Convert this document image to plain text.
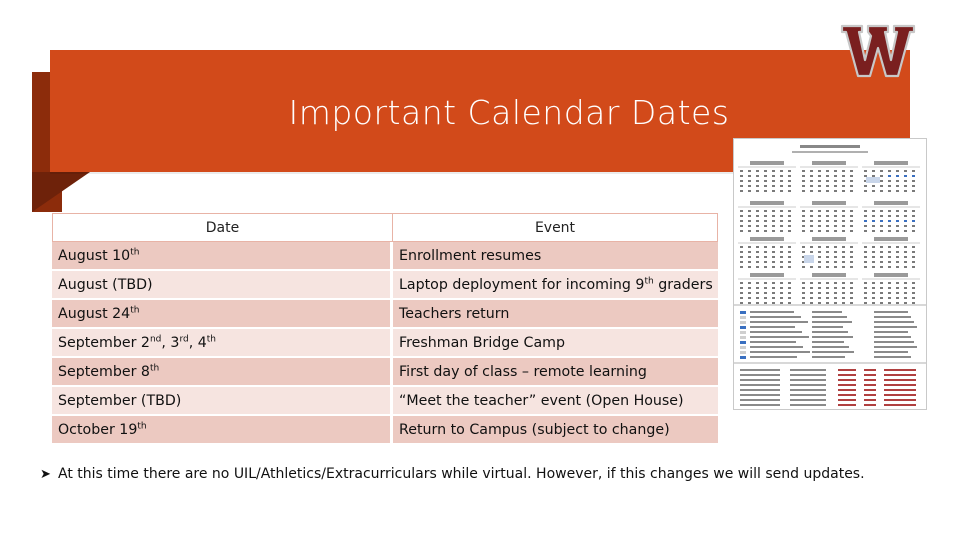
Important Calendar Dates
Date	Event
August 10th	Enrollment resumes
August (TBD)	Laptop deployment for incoming 9th graders
August 24th	Teachers return
September 2nd, 3rd, 4th	Freshman Bridge Camp
September 8th	First day of class – remote learning
September (TBD)	“Meet the teacher” event (Open House)
October 19th	Return to Campus (subject to change)
➤ At this time there are no UIL/Athletics/Extracurriculars while virtual. However, if this changes we will send updates.
